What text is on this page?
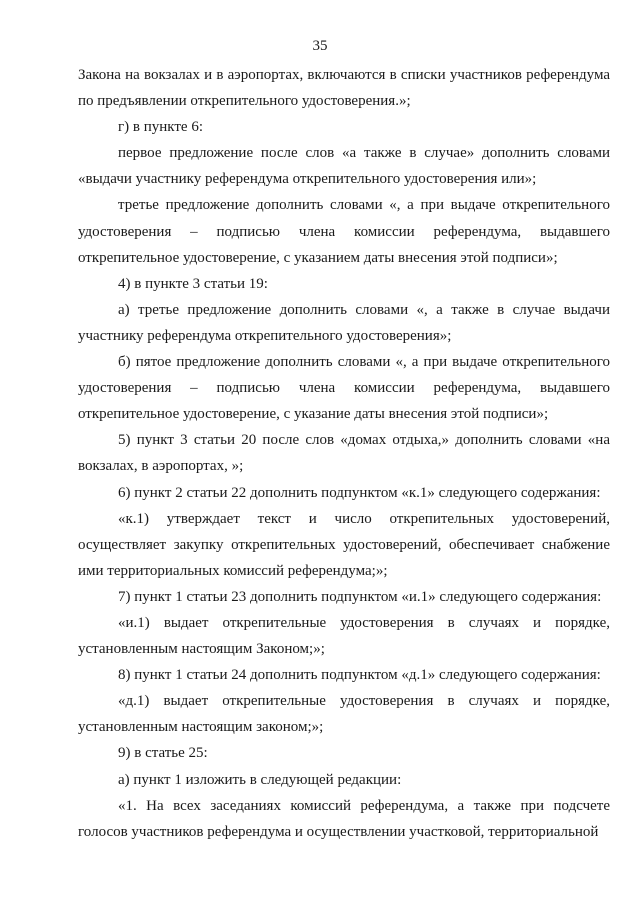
35

Закона на вокзалах и в аэропортах, включаются в списки участников референдума по предъявлении открепительного удостоверения.»;

г) в пункте 6:

первое предложение после слов «а также в случае» дополнить словами «выдачи участнику референдума открепительного удостоверения или»;

третье предложение дополнить словами «, а при выдаче открепительного удостоверения – подписью члена комиссии референдума, выдавшего открепительное удостоверение, с указанием даты внесения этой подписи»;

4) в пункте 3 статьи 19:

а) третье предложение дополнить словами «, а также в случае выдачи участнику референдума открепительного удостоверения»;

б) пятое предложение дополнить словами «, а при выдаче открепительного удостоверения – подписью члена комиссии референдума, выдавшего открепительное удостоверение, с указание даты внесения этой подписи»;

5) пункт 3 статьи 20 после слов «домах отдыха,» дополнить словами «на вокзалах, в аэропортах, »;

6) пункт 2 статьи 22 дополнить подпунктом «к.1» следующего содержания:

«к.1) утверждает текст и число открепительных удостоверений, осуществляет закупку открепительных удостоверений, обеспечивает снабжение ими территориальных комиссий референдума;»;

7) пункт 1 статьи 23 дополнить подпунктом «и.1» следующего содержания:

«и.1) выдает открепительные удостоверения в случаях и порядке, установленным настоящим Законом;»;

8) пункт 1 статьи 24 дополнить подпунктом «д.1» следующего содержания:

«д.1) выдает открепительные удостоверения в случаях и порядке, установленным настоящим законом;»;

9) в статье 25:

а) пункт 1 изложить в следующей редакции:

«1. На всех заседаниях комиссий референдума, а также при подсчете голосов участников референдума и осуществлении участковой, территориальной
